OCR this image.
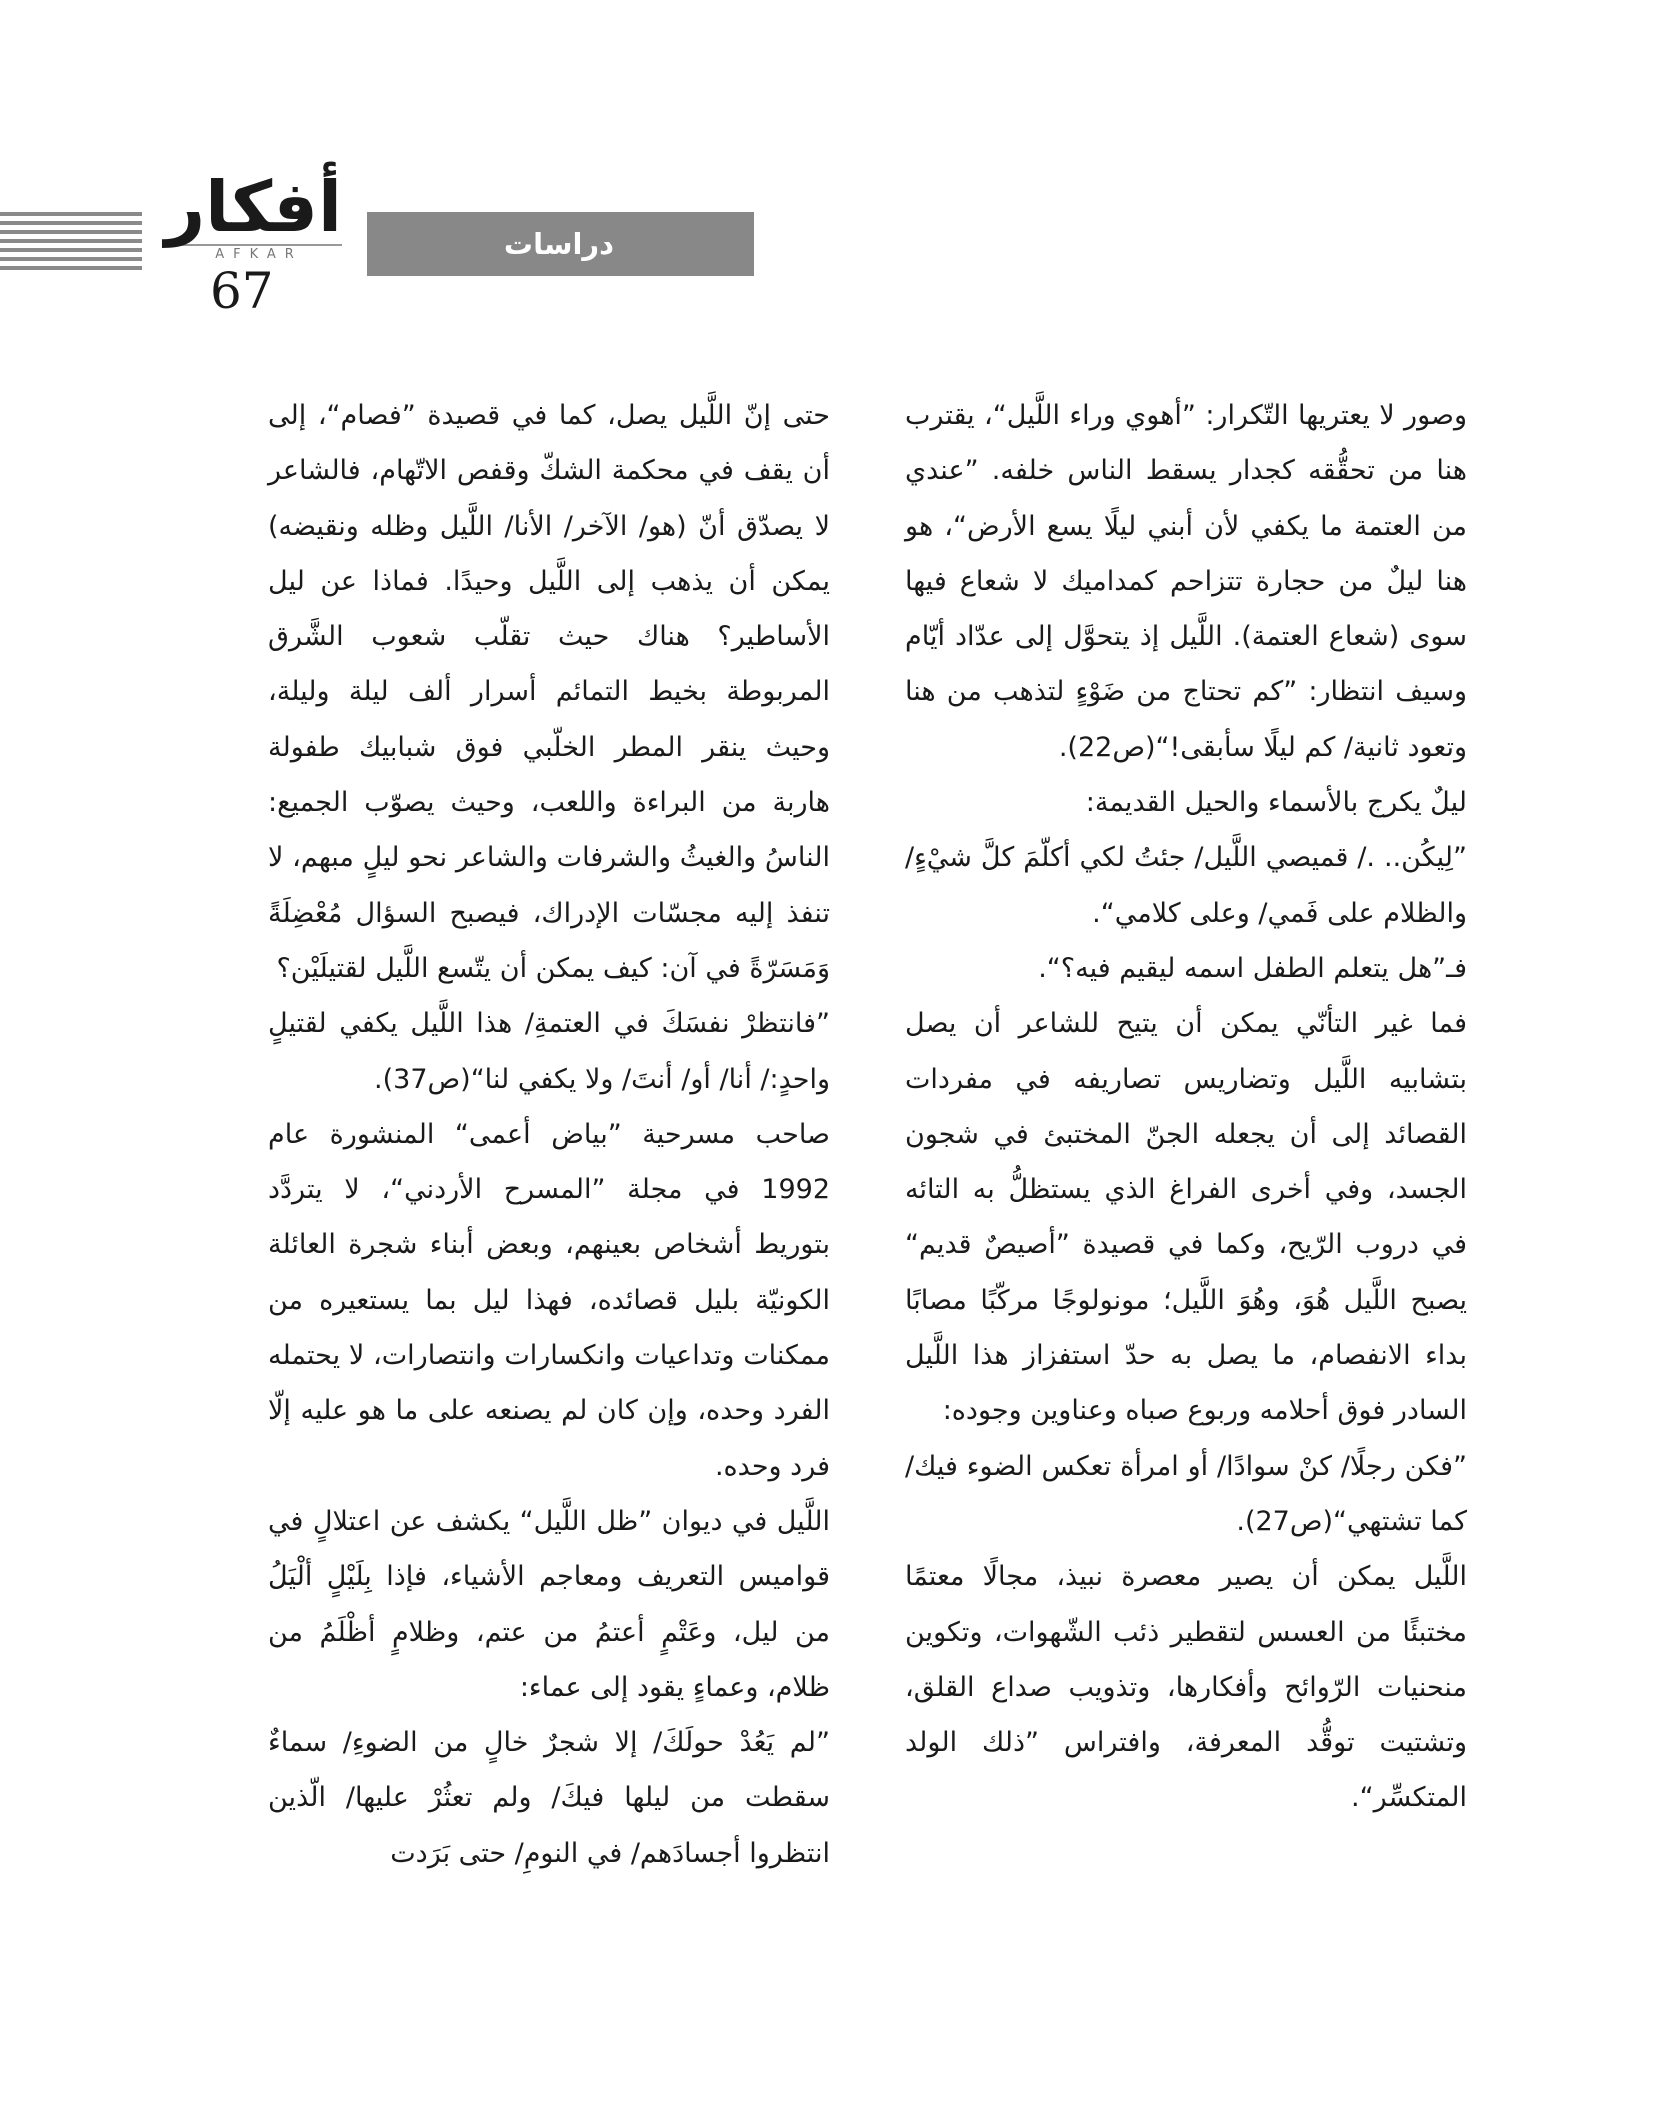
أفكار
AFKAR	دراسات
67

وصور لا يعتريها التّكرار: ”أهوي وراء اللَّيل“، يقترب هنا من تحقُّقه كجدار يسقط الناس خلفه. ”عندي من العتمة ما يكفي لأن أبني ليلًا يسع الأرض“، هو هنا ليلٌ من حجارة تتزاحم كمداميك لا شعاع فيها سوى (شعاع العتمة). اللَّيل إذ يتحوَّل إلى عدّاد أيّام وسيف انتظار: ”كم تحتاج من ضَوْءٍ لتذهب من هنا وتعود ثانية/ كم ليلًا سأبقى!“(ص22).

ليلٌ يكرج بالأسماء والحيل القديمة:

”لِيكُن.. ./ قميصي اللَّيل/ جئتُ لكي أكلّمَ كلَّ شيْءٍ/ والظلام على فَمي/ وعلى كلامي“.

فـ”هل يتعلم الطفل اسمه ليقيم فيه؟“.

فما غير التأنّي يمكن أن يتيح للشاعر أن يصل بتشابيه اللَّيل وتضاريس تصاريفه في مفردات القصائد إلى أن يجعله الجنّ المختبئ في شجون الجسد، وفي أخرى الفراغ الذي يستظلُّ به التائه في دروب الرّيح، وكما في قصيدة ”أصيصٌ قديم“ يصبح اللَّيل هُوَ، وهُوَ اللَّيل؛ مونولوجًا مركّبًا مصابًا بداء الانفصام، ما يصل به حدّ استفزاز هذا اللَّيل السادر فوق أحلامه وربوع صباه وعناوين وجوده:

”فكن رجلًا/ كنْ سوادًا/ أو امرأة تعكس الضوء فيك/ كما تشتهي“(ص27).

اللَّيل يمكن أن يصير معصرة نبيذ، مجالًا معتمًا مختبئًا من العسس لتقطير ذئب الشّهوات، وتكوين منحنيات الرّوائح وأفكارها، وتذويب صداع القلق، وتشتيت توقُّد المعرفة، وافتراس ”ذلك الولد المتكسِّر“.

حتى إنّ اللَّيل يصل، كما في قصيدة ”فصام“، إلى أن يقف في محكمة الشكّ وقفص الاتّهام، فالشاعر لا يصدّق أنّ (هو/ الآخر/ الأنا/ اللَّيل وظله ونقيضه) يمكن أن يذهب إلى اللَّيل وحيدًا. فماذا عن ليل الأساطير؟ هناك حيث تقلّب شعوب الشَّرق المربوطة بخيط التمائم أسرار ألف ليلة وليلة، وحيث ينقر المطر الخلّبي فوق شبابيك طفولة هاربة من البراءة واللعب، وحيث يصوّب الجميع: الناسُ والغيثُ والشرفات والشاعر نحو ليلٍ مبهم، لا تنفذ إليه مجسّات الإدراك، فيصبح السؤال مُعْضِلَةً وَمَسَرّةً في آن: كيف يمكن أن يتّسع اللَّيل لقتيلَيْن؟

”فانتظرْ نفسَكَ في العتمةِ/ هذا اللَّيل يكفي لقتيلٍ واحدٍ:/ أنا/ أو/ أنتَ/ ولا يكفي لنا“(ص37).

صاحب مسرحية ”بياض أعمى“ المنشورة عام 1992 في مجلة ”المسرح الأردني“، لا يتردَّد بتوريط أشخاص بعينهم، وبعض أبناء شجرة العائلة الكونيّة بليل قصائده، فهذا ليل بما يستعيره من ممكنات وتداعيات وانكسارات وانتصارات، لا يحتمله الفرد وحده، وإن كان لم يصنعه على ما هو عليه إلّا فرد وحده.

اللَّيل في ديوان ”ظل اللَّيل“ يكشف عن اعتلالٍ في قواميس التعريف ومعاجم الأشياء، فإذا بِلَيْلٍ ألْيَلُ من ليل، وعَتْمٍ أعتمُ من عتم، وظلامٍ أظْلَمُ من ظلام، وعماءٍ يقود إلى عماء:

”لم يَعُدْ حولَكَ/ إلا شجرٌ خالٍ من الضوءِ/ سماءٌ سقطت من ليلها فيكَ/ ولم تعثُرْ عليها/ الّذين انتظروا أجسادَهم/ في النومِ/ حتى بَرَدت
